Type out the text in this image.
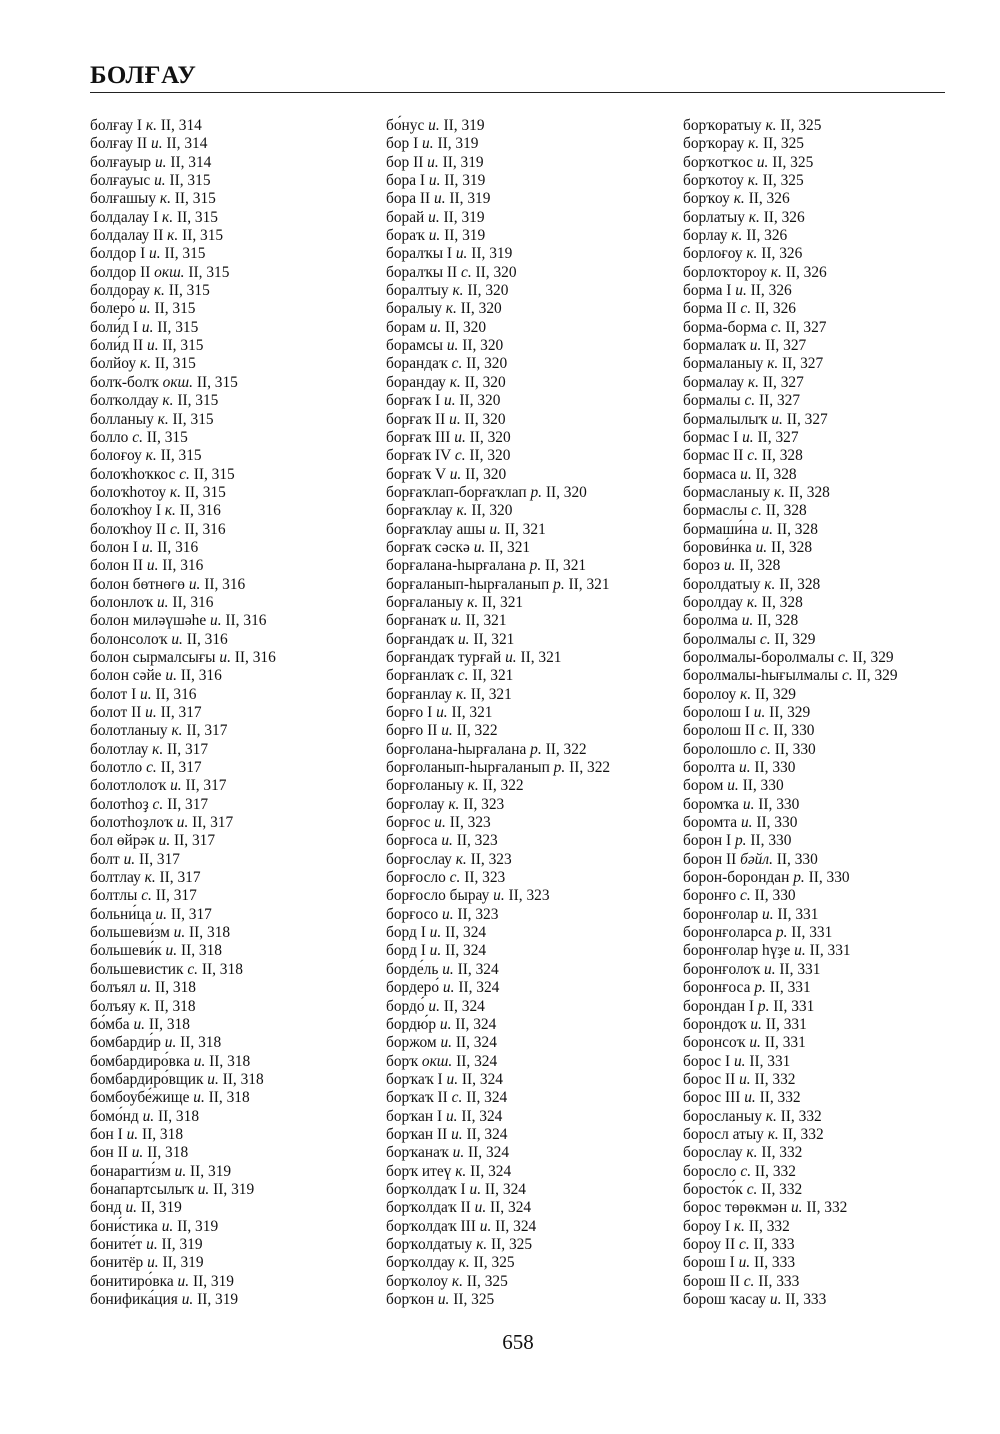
БОЛҒАУ
болғау I к. II, 314
болғау II и. II, 314
болғауыр и. II, 314
болғауыс и. II, 315
болғашыу к. II, 315
болдалау I к. II, 315
болдалау II к. II, 315
болдор I и. II, 315
болдор II окш. II, 315
болдорау к. II, 315
болеро́ и. II, 315
боли́д I и. II, 315
боли́д II и. II, 315
болйоу к. II, 315
болҡ-болҡ окш. II, 315
болҡолдау к. II, 315
болланыу к. II, 315
болло с. II, 315
болоғоу к. II, 315
болоҡһоҡкос с. II, 315
болоҡһотоу к. II, 315
болоҡһоу I к. II, 316
болоҡһоу II с. II, 316
болон I и. II, 316
болон II и. II, 316
болон бөтнөгө и. II, 316
болонлоҡ и. II, 316
болон миләүшәһе и. II, 316
болонсолоҡ и. II, 316
болон сырмалсығы и. II, 316
болон сәйе и. II, 316
болот I и. II, 316
болот II и. II, 317
болотланыу к. II, 317
болотлау к. II, 317
болотло с. II, 317
болотлолоҡ и. II, 317
болотһоҙ с. II, 317
болотһоҙлоҡ и. II, 317
бол өйрәк и. II, 317
болт и. II, 317
болтлау к. II, 317
болтлы с. II, 317
больни́ца и. II, 317
большеви́зм и. II, 318
большеви́к и. II, 318
большевистик с. II, 318
болъял и. II, 318
болъяу к. II, 318
бо́мба и. II, 318
бомбарди́р и. II, 318
бомбардиро́вка и. II, 318
бомбардиро́вщик и. II, 318
бомбоубе́жище и. II, 318
бомо́нд и. II, 318
бон I и. II, 318
бон II и. II, 318
бонаparти́зм и. II, 319
бонапартсылыҡ и. II, 319
бонд и. II, 319
бони́стика и. II, 319
боните́т и. II, 319
бонитёр и. II, 319
бонитиро́вка и. II, 319
бонифика́ция и. II, 319
бо́нус и. II, 319
бор I и. II, 319
бор II и. II, 319
бора I и. II, 319
бора II и. II, 319
борай и. II, 319
бораҡ и. II, 319
боралҡы I и. II, 319
боралҡы II с. II, 320
боралтыу к. II, 320
боралыу к. II, 320
борам и. II, 320
борамсы и. II, 320
борандаҡ с. II, 320
борандау к. II, 320
борғаҡ I и. II, 320
борғаҡ II и. II, 320
борғаҡ III и. II, 320
борғаҡ IV с. II, 320
борғаҡ V и. II, 320
борғаҡлап-борғаҡлап р. II, 320
борғаҡлау к. II, 320
борғаҡлау ашы и. II, 321
борғаҡ сәскә и. II, 321
борғалана-һырғалана р. II, 321
борғаланып-һырғаланып р. II, 321
борғаланыу к. II, 321
борғанаҡ и. II, 321
борғандаҡ и. II, 321
борғандаҡ турғай и. II, 321
борғанлаҡ с. II, 321
борғанлау к. II, 321
борғо I и. II, 321
борғо II и. II, 322
борғолана-һырғалана р. II, 322
борғоланып-һырғаланып р. II, 322
борғоланыу к. II, 322
борғолау к. II, 323
борғос и. II, 323
борғоса и. II, 323
борғослау к. II, 323
борғосло с. II, 323
борғосло бырау и. II, 323
борғосо и. II, 323
борд I и. II, 324
борд I и. II, 324
борде́ль и. II, 324
бордеро́ и. II, 324
бордо́ и. II, 324
бордю́р и. II, 324
боржом и. II, 324
борҡ окш. II, 324
борҡаҡ I и. II, 324
борҡаҡ II с. II, 324
борҡан I и. II, 324
борҡан II и. II, 324
борҡанаҡ и. II, 324
борҡ итеү к. II, 324
борҡолдаҡ I и. II, 324
борҡолдаҡ II и. II, 324
борҡолдаҡ III и. II, 324
борҡолдатыу к. II, 325
борҡолдау к. II, 325
борҡолоу к. II, 325
борҡон и. II, 325
борҡоратыу к. II, 325
борҡорау к. II, 325
борҡотҡос и. II, 325
борҡотоу к. II, 325
борҡоу к. II, 326
борлатыу к. II, 326
борлау к. II, 326
борлоғоу к. II, 326
борлоҡтороу к. II, 326
борма I и. II, 326
борма II с. II, 326
борма-борма с. II, 327
бормалаҡ и. II, 327
бормаланыу к. II, 327
бормалау к. II, 327
бормалы с. II, 327
бормалылыҡ и. II, 327
бормас I и. II, 327
бормас II с. II, 328
бормаса и. II, 328
бормасланыу к. II, 328
бормаслы с. II, 328
бормаши́на и. II, 328
борови́нка и. II, 328
бороз и. II, 328
боролдатыу к. II, 328
боролдау к. II, 328
боролма и. II, 328
боролмалы с. II, 329
боролмалы-боролмалы с. II, 329
боролмалы-һығылмалы с. II, 329
боролоу к. II, 329
боролош I и. II, 329
боролош II с. II, 330
боролошло с. II, 330
боролта и. II, 330
бором и. II, 330
боромҡа и. II, 330
боромта и. II, 330
борон I р. II, 330
борон II бәйл. II, 330
борон-борондан р. II, 330
боронғо с. II, 330
боронғолар и. II, 331
боронғоларса р. II, 331
боронғолар һүҙе и. II, 331
боронғолоҡ и. II, 331
боронғоса р. II, 331
борондан I р. II, 331
борондоҡ и. II, 331
боронсоҡ и. II, 331
борос I и. II, 331
борос II и. II, 332
борос III и. II, 332
боросланыу к. II, 332
боросл атыу к. II, 332
борослау к. II, 332
боросло с. II, 332
боросто́к с. II, 332
борос төрөкмән и. II, 332
бороу I к. II, 332
бороу II с. II, 333
борош I и. II, 333
борош II с. II, 333
борош ҡасау и. II, 333
658
